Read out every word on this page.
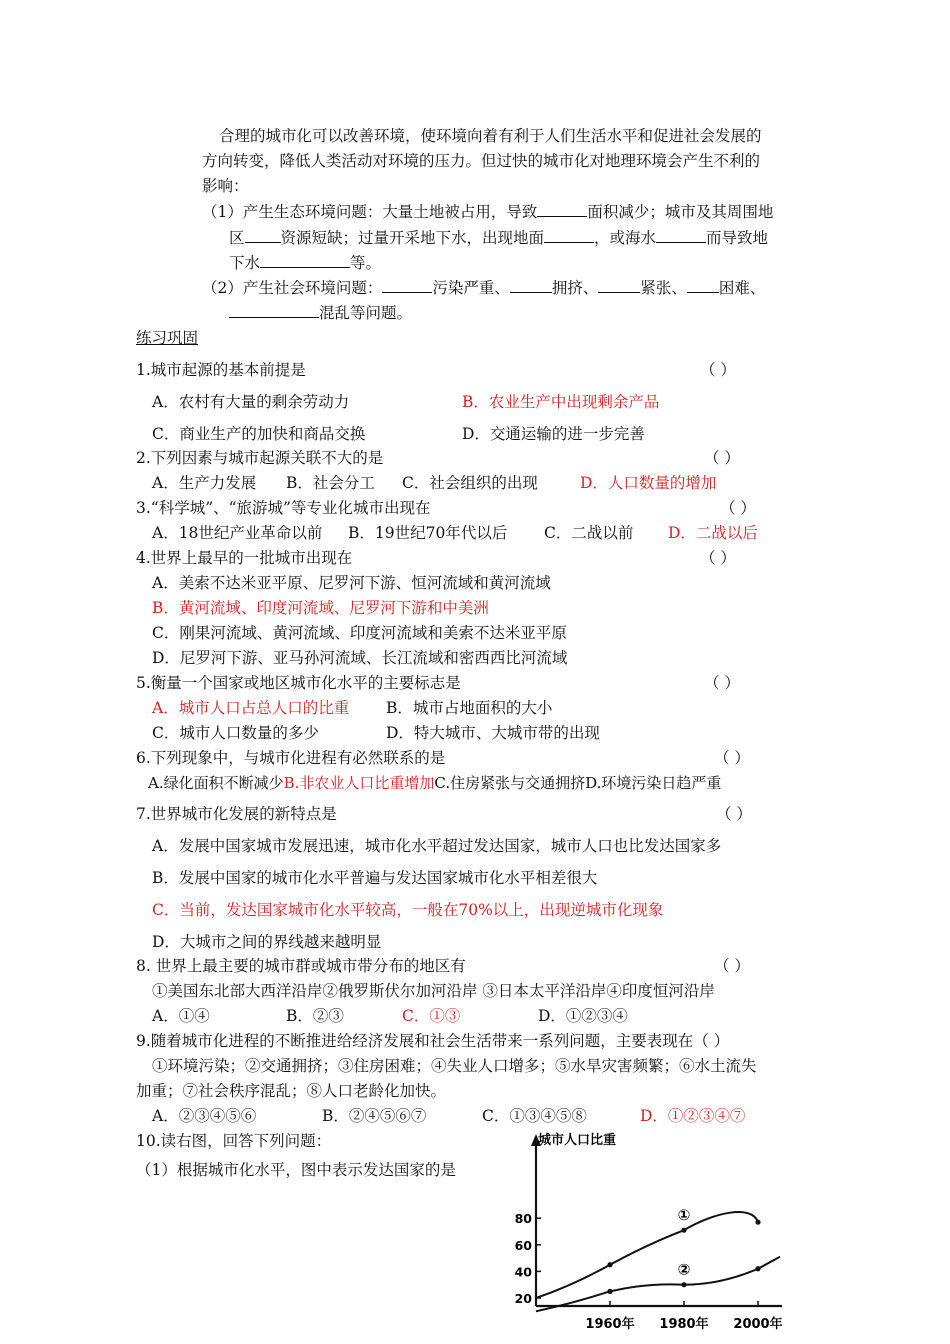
合理的城市化可以改善环境，使环境向着有利于人们生活水平和促进社会发展的
方向转变，降低人类活动对环境的压力。但过快的城市化对地理环境会产生不利的
影响：
（1）产生生态环境问题：大量土地被占用，导致	面积减少；城市及其周围地
区 资源短缺；过量开采地下水，出现地面	，或海水	而导致地
下水	等。
（2）产生社会环境问题：	污染严重、	拥挤、	紧张、 困难、
混乱等问题。
练习巩固
1.城市起源的基本前提是	（ ）
A．农村有大量的剩余劳动力	B．农业生产中出现剩余产品
C．商业生产的加快和商品交换	D．交通运输的进一步完善
2.下列因素与城市起源关联不大的是	（ ）
A．生产力发展 B．社会分工 C．社会组织的出现	D．人口数量的增加
3.“科学城”、“旅游城”等专业化城市出现在	（ ）
A．18世纪产业革命以前 B．19世纪70年代以后 C．二战以前 D．二战以后
4.世界上最早的一批城市出现在	（ ）
A．美索不达米亚平原、尼罗河下游、恒河流域和黄河流域
B．黄河流域、印度河流域、尼罗河下游和中美洲
C．刚果河流域、黄河流域、印度河流域和美索不达米亚平原
D．尼罗河下游、亚马孙河流域、长江流域和密西西比河流域
5.衡量一个国家或地区城市化水平的主要标志是	（ ）
A．城市人口占总人口的比重 B．城市占地面积的大小
C．城市人口数量的多少	D．特大城市、大城市带的出现
6.下列现象中，与城市化进程有必然联系的是	（ ）
A.绿化面积不断减少B.非农业人口比重增加C.住房紧张与交通拥挤D.环境污染日趋严重
7.世界城市化发展的新特点是	（ ）
A．发展中国家城市发展迅速，城市化水平超过发达国家，城市人口也比发达国家多
B．发展中国家的城市化水平普遍与发达国家城市化水平相差很大
C．当前，发达国家城市化水平较高，一般在70%以上，出现逆城市化现象
D．大城市之间的界线越来越明显
8. 世界上最主要的城市群或城市带分布的地区有	（ ）
①美国东北部大西洋沿岸②俄罗斯伏尔加河沿岸 ③日本太平洋沿岸④印度恒河沿岸
A．①④	B．②③	C．①③	D．①②③④
9.随着城市化进程的不断推进给经济发展和社会生活带来一系列问题，主要表现在（ ）
①环境污染；②交通拥挤；③住房困难；④失业人口增多；⑤水旱灾害频繁；⑥水土流失
加重；⑦社会秩序混乱；⑧人口老龄化加快。
A．②③④⑤⑥	B．②④⑤⑥⑦	C．①③④⑤⑧	D．①②③④⑦
10.读右图，回答下列问题：
（1）根据城市化水平，图中表示发达国家的是
城市人口比重
20
40
60
80
1960年 1980年 2000年
①
②
